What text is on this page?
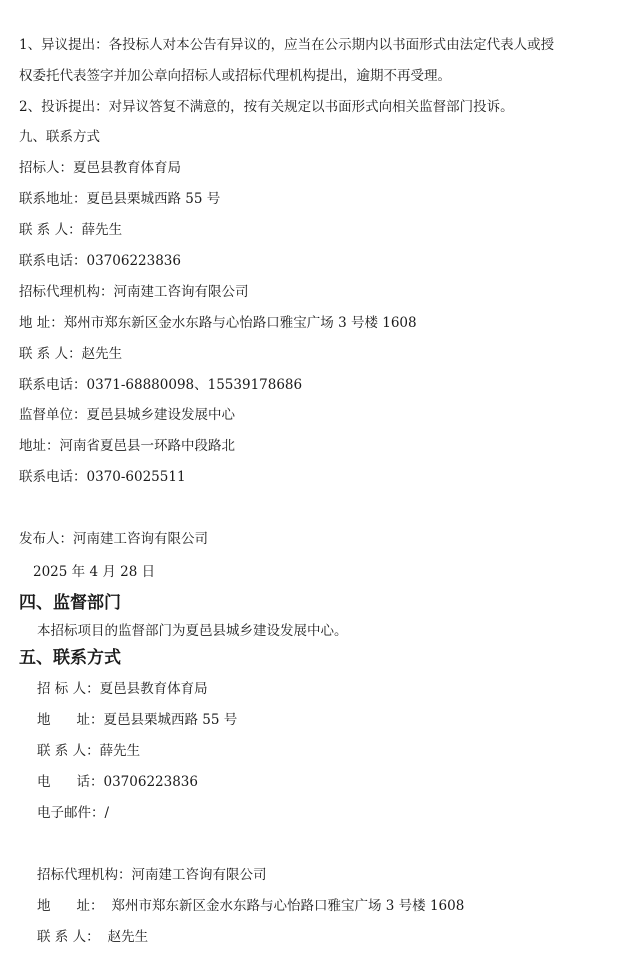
1、异议提出：各投标人对本公告有异议的，应当在公示期内以书面形式由法定代表人或授
权委托代表签字并加公章向招标人或招标代理机构提出，逾期不再受理。
2、投诉提出：对异议答复不满意的，按有关规定以书面形式向相关监督部门投诉。
九、联系方式
招标人：夏邑县教育体育局
联系地址：夏邑县栗城西路 55 号
联 系 人：薛先生
联系电话：03706223836
招标代理机构：河南建工咨询有限公司
地 址：郑州市郑东新区金水东路与心怡路口雅宝广场 3 号楼 1608
联 系 人：赵先生
联系电话：0371-68880098、15539178686
监督单位：夏邑县城乡建设发展中心
地址：河南省夏邑县一环路中段路北
联系电话：0370-6025511
发布人：河南建工咨询有限公司
2025 年 4 月 28 日
四、监督部门
本招标项目的监督部门为夏邑县城乡建设发展中心。
五、联系方式
招 标 人：夏邑县教育体育局
地 址：夏邑县栗城西路 55 号
联 系 人：薛先生
电 话：03706223836
电子邮件：/
招标代理机构：河南建工咨询有限公司
地 址： 郑州市郑东新区金水东路与心怡路口雅宝广场 3 号楼 1608
联 系 人： 赵先生
